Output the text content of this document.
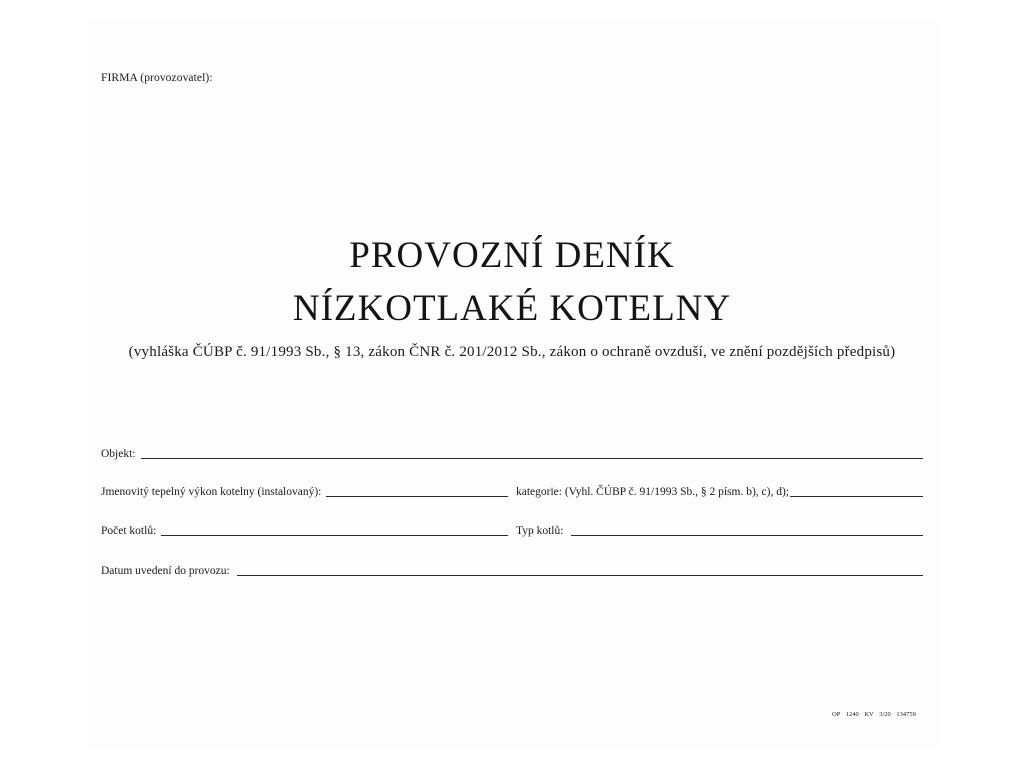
FIRMA (provozovatel):
PROVOZNÍ DENÍK
NÍZKOTLAKÉ KOTELNY
(vyhláška ČÚBP č. 91/1993 Sb., § 13, zákon ČNR č. 201/2012 Sb., zákon o ochraně ovzduší, ve znění pozdějších předpisů)
Objekt:
Jmenovitý tepelný výkon kotelny (instalovaný):	kategorie: (Vyhl. ČÚBP č. 91/1993 Sb., § 2 písm. b), c), d);
Počet kotlů:	Typ kotlů:
Datum uvedení do provozu:
OP 1240 KV 3/20 134759
